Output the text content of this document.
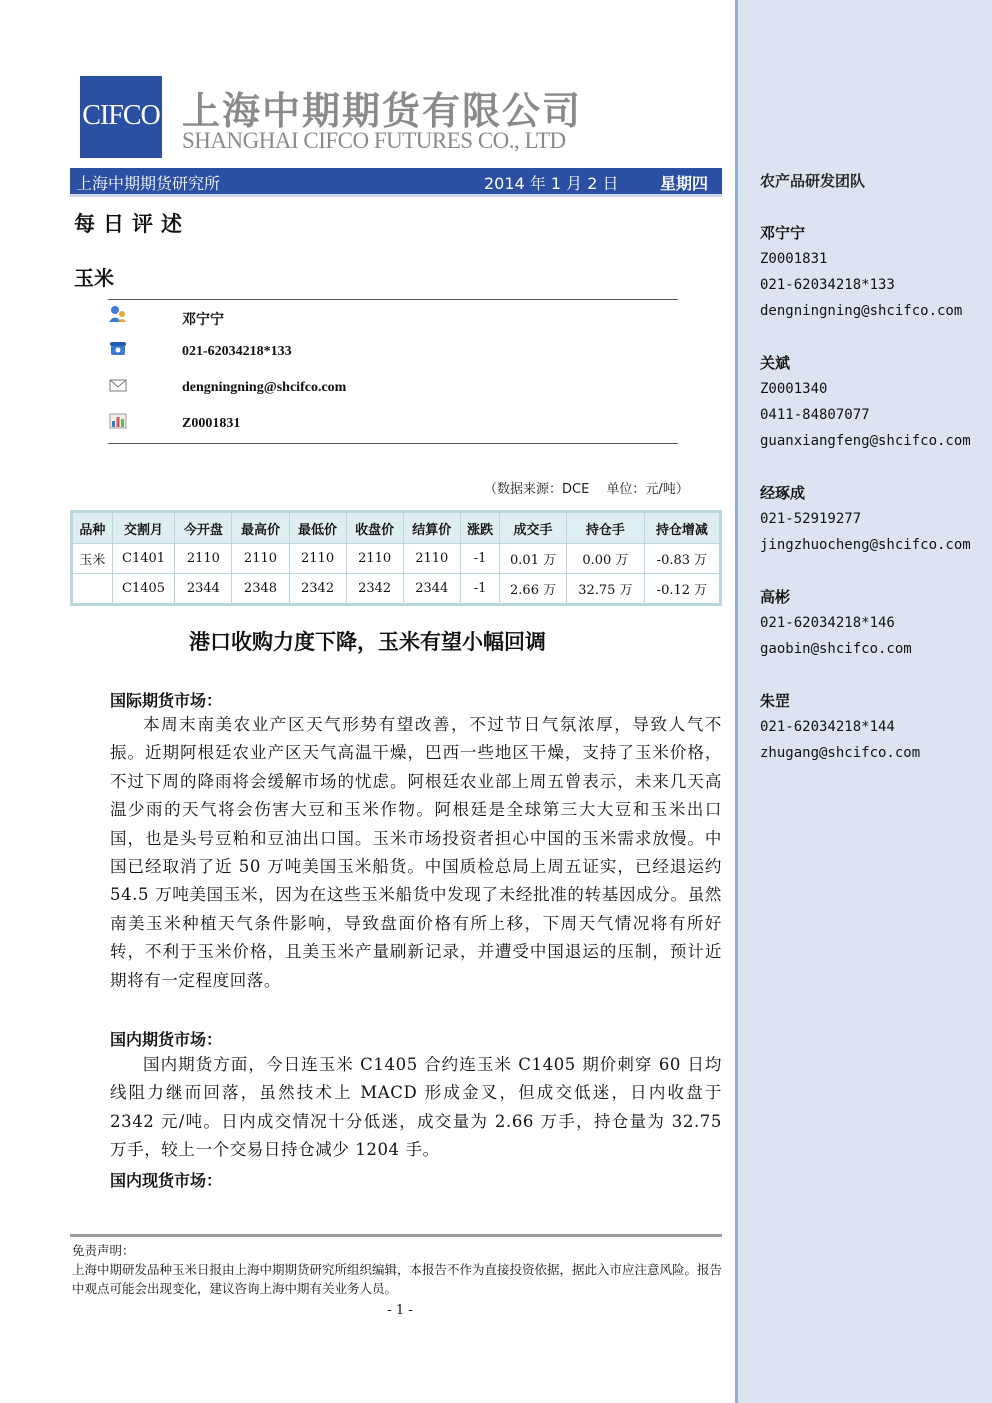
CIFCO 上海中期期货有限公司
SHANGHAI CIFCO FUTURES CO., LTD
上海中期期货研究所	2014 年 1 月 2 日	星期四
每日评述
玉米
邓宁宁
021-62034218*133
dengningning@shcifco.com
Z0001831
（数据来源：DCE　 单位：元/吨）
品种	交割月	今开盘	最高价	最低价	收盘价	结算价	涨跌	成交手	持仓手	持仓增减
玉米	C1401	2110	2110	2110	2110	2110	-1	0.01 万	0.00 万	-0.83 万
	C1405	2344	2348	2342	2342	2344	-1	2.66 万	32.75 万	-0.12 万
港口收购力度下降，玉米有望小幅回调
国际期货市场：
本周末南美农业产区天气形势有望改善，不过节日气氛浓厚，导致人气不振。近期阿根廷农业产区天气高温干燥，巴西一些地区干燥，支持了玉米价格，不过下周的降雨将会缓解市场的忧虑。阿根廷农业部上周五曾表示，未来几天高温少雨的天气将会伤害大豆和玉米作物。阿根廷是全球第三大大豆和玉米出口国，也是头号豆粕和豆油出口国。玉米市场投资者担心中国的玉米需求放慢。中国已经取消了近 50 万吨美国玉米船货。中国质检总局上周五证实，已经退运约 54.5 万吨美国玉米，因为在这些玉米船货中发现了未经批准的转基因成分。虽然南美玉米种植天气条件影响，导致盘面价格有所上移，下周天气情况将有所好转，不利于玉米价格，且美玉米产量刷新记录，并遭受中国退运的压制，预计近期将有一定程度回落。
国内期货市场：
国内期货方面，今日连玉米 C1405 合约连玉米 C1405 期价刺穿 60 日均线阻力继而回落，虽然技术上 MACD 形成金叉，但成交低迷，日内收盘于 2342 元/吨。日内成交情况十分低迷，成交量为 2.66 万手，持仓量为 32.75 万手，较上一个交易日持仓减少 1204 手。
国内现货市场：
免责声明：
上海中期研发品种玉米日报由上海中期期货研究所组织编辑，本报告不作为直接投资依据，据此入市应注意风险。报告中观点可能会出现变化，建议咨询上海中期有关业务人员。
- 1 -
农产品研发团队
邓宁宁
Z0001831
021-62034218*133
dengningning@shcifco.com
关斌
Z0001340
0411-84807077
guanxiangfeng@shcifco.com
经琢成
021-52919277
jingzhuocheng@shcifco.com
高彬
021-62034218*146
gaobin@shcifco.com
朱罡
021-62034218*144
zhugang@shcifco.com
